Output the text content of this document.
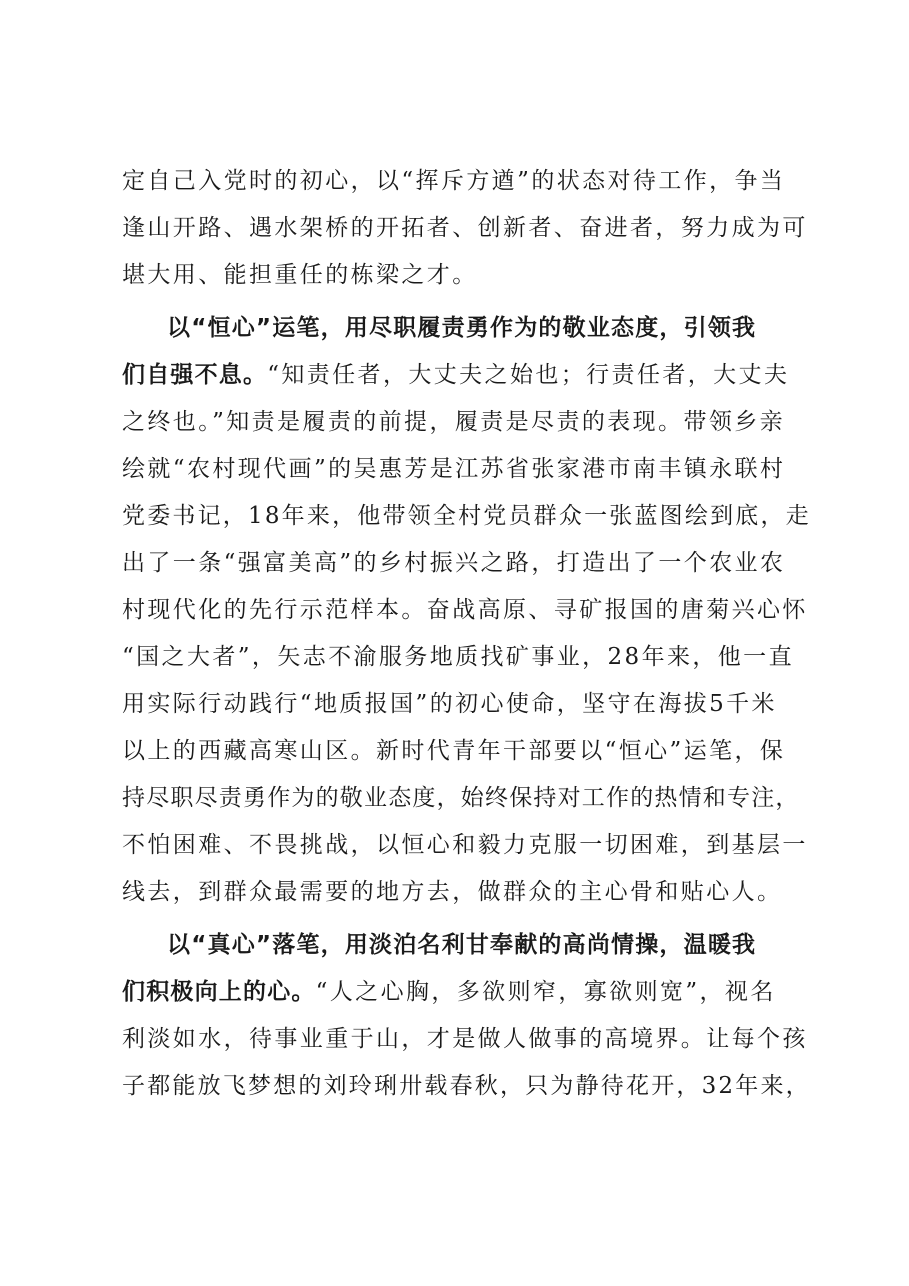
定自己入党时的初心，以“挥斥方遒”的状态对待工作，争当
逢山开路、遇水架桥的开拓者、创新者、奋进者，努力成为可
堪大用、能担重任的栋梁之才。
以“恒心”运笔，用尽职履责勇作为的敬业态度，引领我
们自强不息。“知责任者，大丈夫之始也；行责任者，大丈夫
之终也。”知责是履责的前提，履责是尽责的表现。带领乡亲
绘就“农村现代画”的吴惠芳是江苏省张家港市南丰镇永联村
党委书记，18年来，他带领全村党员群众一张蓝图绘到底，走
出了一条“强富美高”的乡村振兴之路，打造出了一个农业农
村现代化的先行示范样本。奋战高原、寻矿报国的唐菊兴心怀
“国之大者”，矢志不渝服务地质找矿事业，28年来，他一直
用实际行动践行“地质报国”的初心使命，坚守在海拔5千米
以上的西藏高寒山区。新时代青年干部要以“恒心”运笔，保
持尽职尽责勇作为的敬业态度，始终保持对工作的热情和专注，
不怕困难、不畏挑战，以恒心和毅力克服一切困难，到基层一
线去，到群众最需要的地方去，做群众的主心骨和贴心人。
以“真心”落笔，用淡泊名利甘奉献的高尚情操，温暖我
们积极向上的心。“人之心胸，多欲则窄，寡欲则宽”，视名
利淡如水，待事业重于山，才是做人做事的高境界。让每个孩
子都能放飞梦想的刘玲琍卅载春秋，只为静待花开，32年来，
